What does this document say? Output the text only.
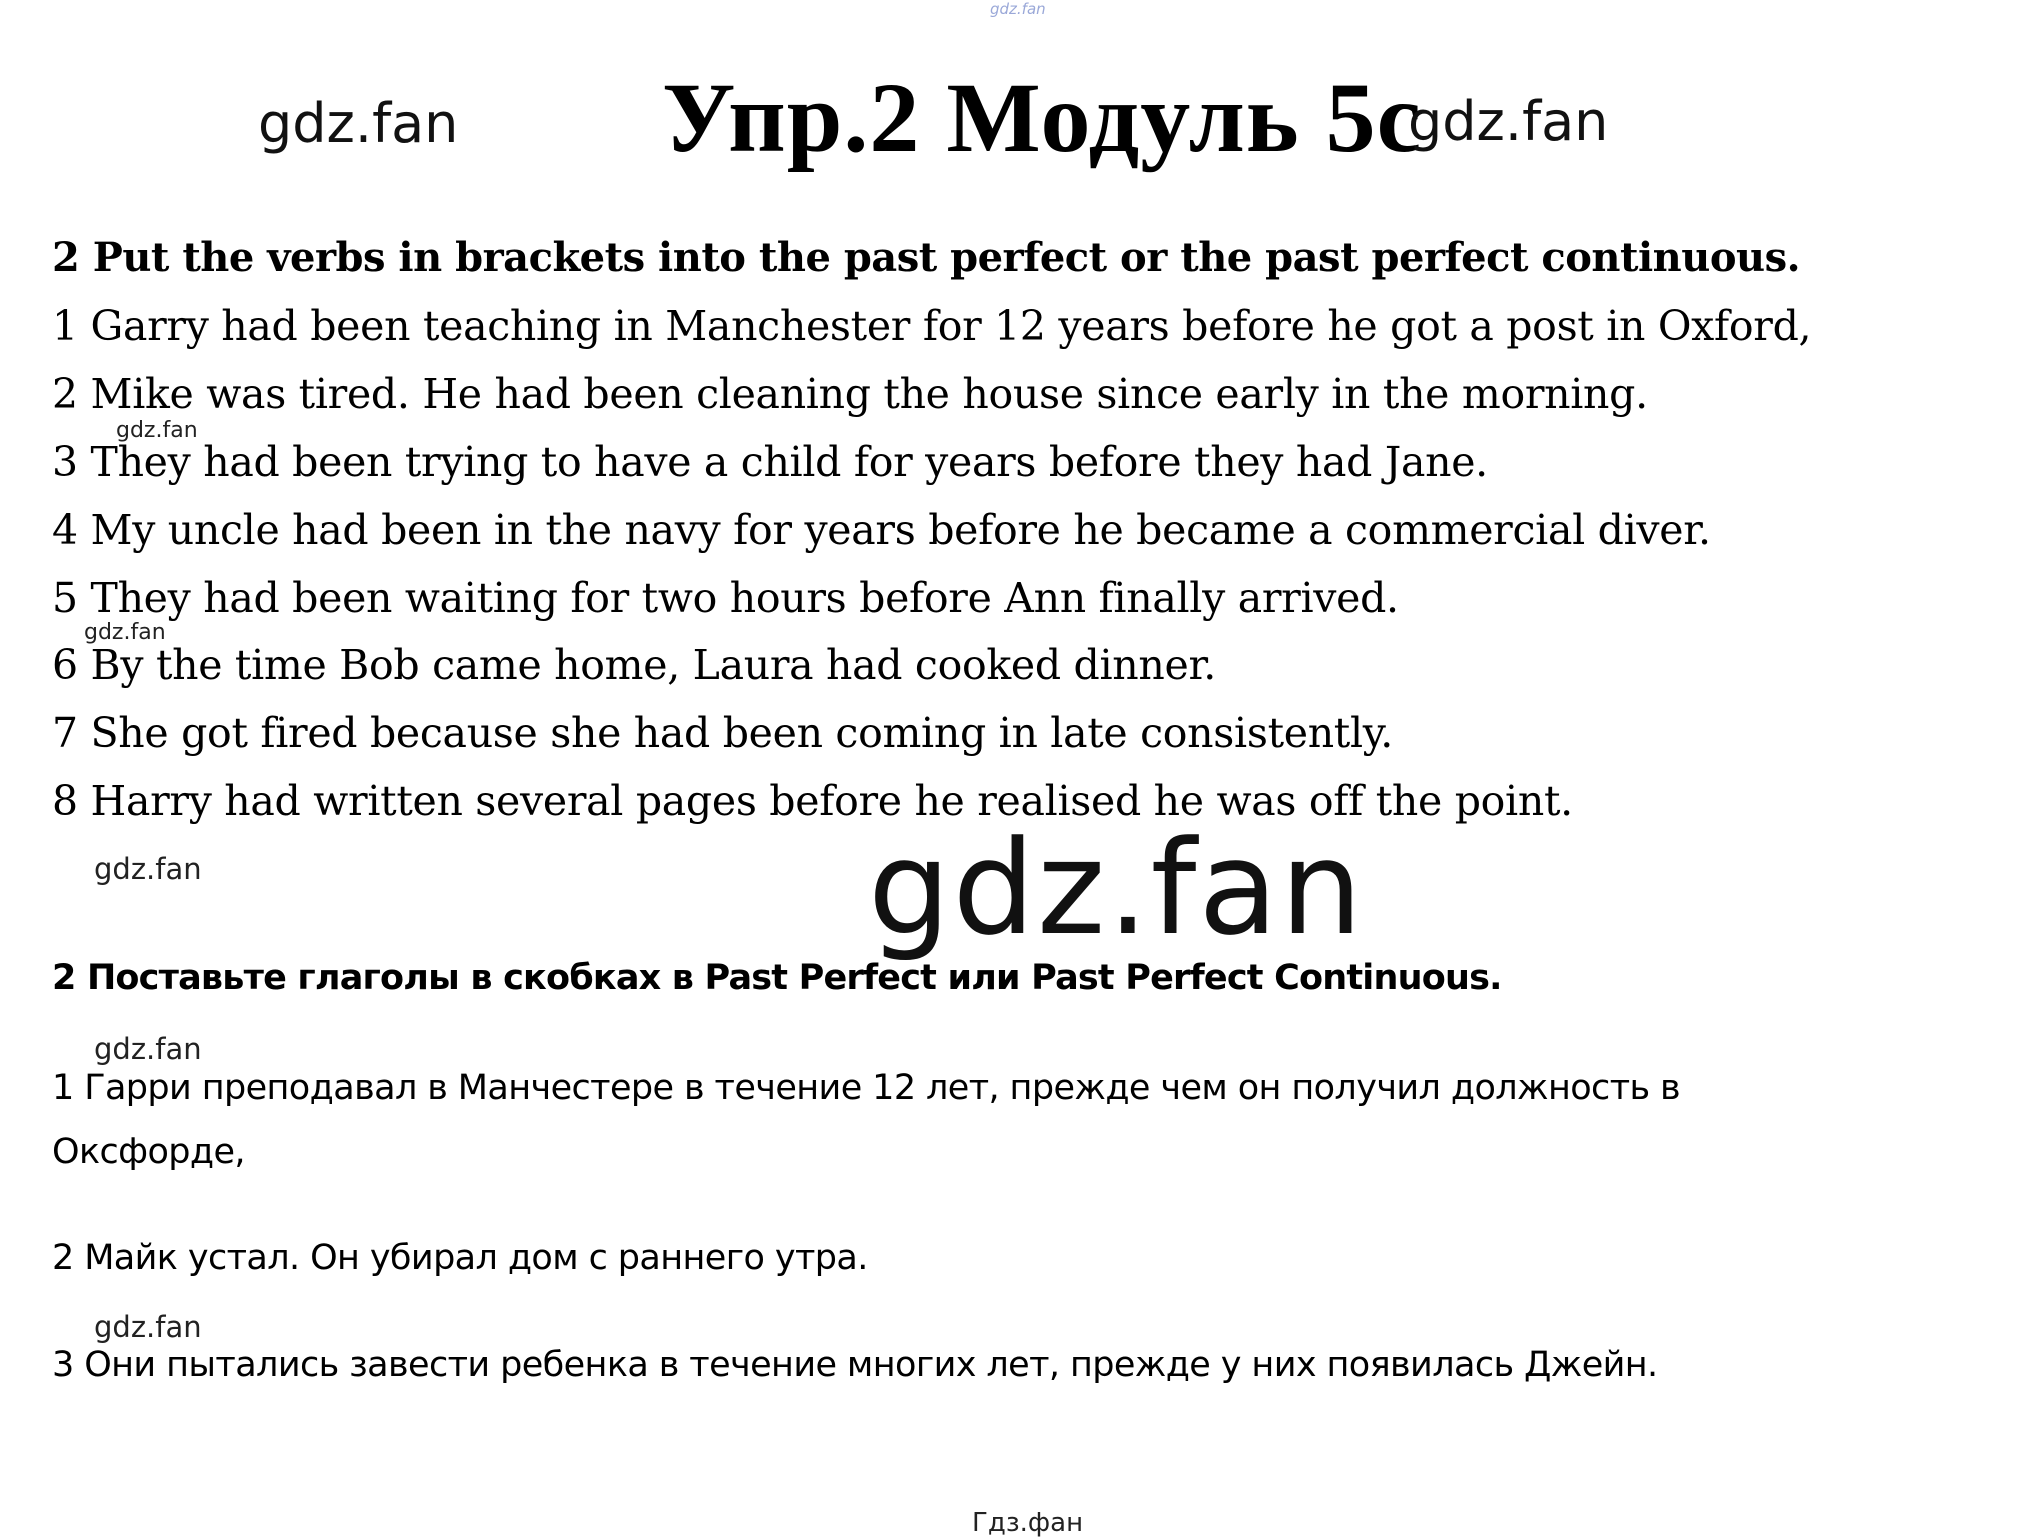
gdz.fan
gdz.fan Упр.2 Модуль 5с
gdz.fan
2 Put the verbs in brackets into the past perfect or the past perfect continuous.
1 Garry had been teaching in Manchester for 12 years before he got a post in Oxford,
2 Mike was tired. He had been cleaning the house since early in the morning.
gdz.fan
3 They had been trying to have a child for years before they had Jane.
4 My uncle had been in the navy for years before he became a commercial diver.
5 They had been waiting for two hours before Ann finally arrived.
gdz.fan
6 By the time Bob came home, Laura had cooked dinner.
7 She got fired because she had been coming in late consistently.
8 Harry had written several pages before he realised he was off the point.
gdz.fan	gdz.fan
2 Поставьте глаголы в скобках в Past Perfect или Past Perfect Continuous.
gdz.fan
1 Гарри преподавал в Манчестере в течение 12 лет, прежде чем он получил должность в
Оксфорде,
2 Майк устал. Он убирал дом с раннего утра.
gdz.fan
3 Они пытались завести ребенка в течение многих лет, прежде у них появилась Джейн.
Гдз.фан
